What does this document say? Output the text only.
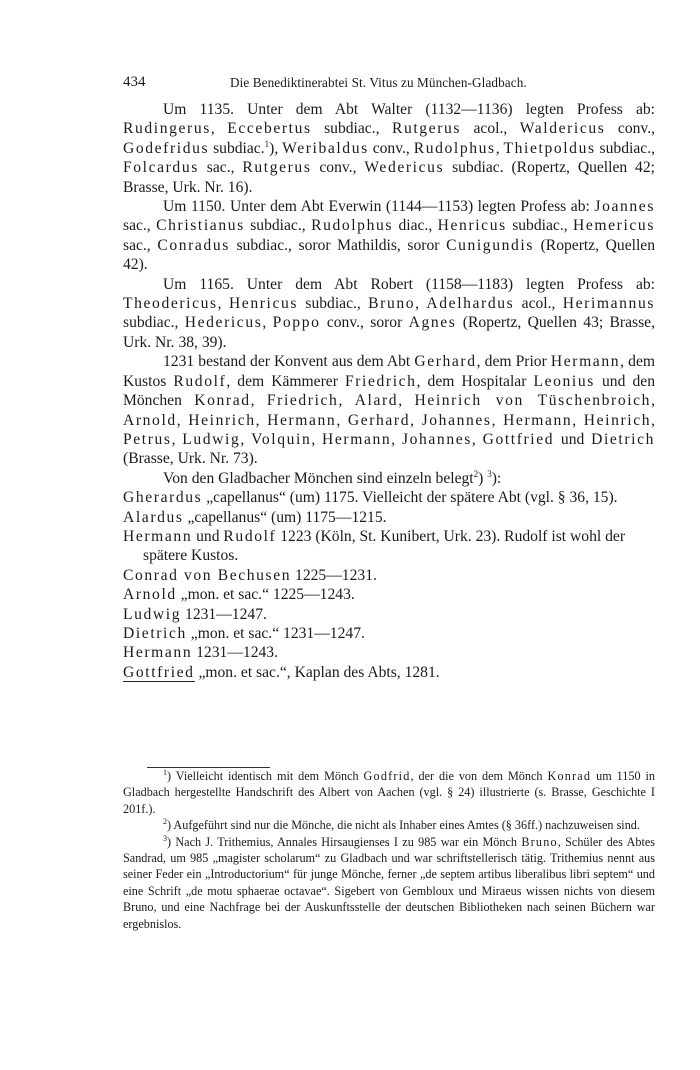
434	Die Benediktinerabtei St. Vitus zu München-Gladbach.

Um 1135. Unter dem Abt Walter (1132—1136) legten Profess ab: Rudingerus, Eccebertus subdiac., Rutgerus acol., Waldericus conv., Godefridus subdiac.$^1$), Weribaldus conv., Rudolphus, Thietpoldus subdiac., Folcardus sac., Rutgerus conv., Wedericus subdiac. (Ropertz, Quellen 42; Brasse, Urk. Nr. 16).

Um 1150. Unter dem Abt Everwin (1144—1153) legten Profess ab: Joannes sac., Christianus subdiac., Rudolphus diac., Henricus subdiac., Hemericus sac., Conradus subdiac., soror Mathildis, soror Cunigundis (Ropertz, Quellen 42).

Um 1165. Unter dem Abt Robert (1158—1183) legten Profess ab: Theodericus, Henricus subdiac., Bruno, Adelhardus acol., Herimannus subdiac., Hedericus, Poppo conv., soror Agnes (Ropertz, Quellen 43; Brasse, Urk. Nr. 38, 39).

1231 bestand der Konvent aus dem Abt Gerhard, dem Prior Hermann, dem Kustos Rudolf, dem Kämmerer Friedrich, dem Hospitalar Leonius und den Mönchen Konrad, Friedrich, Alard, Heinrich von Tüschenbroich, Arnold, Heinrich, Hermann, Gerhard, Johannes, Hermann, Heinrich, Petrus, Ludwig, Volquin, Hermann, Johannes, Gottfried und Dietrich (Brasse, Urk. Nr. 73).

Von den Gladbacher Mönchen sind einzeln belegt$^2$) $^3$):

Gherardus „capellanus“ (um) 1175. Vielleicht der spätere Abt (vgl. § 36, 15).

Alardus „capellanus“ (um) 1175—1215.

Hermann und Rudolf 1223 (Köln, St. Kunibert, Urk. 23). Rudolf ist wohl der spätere Kustos.

Conrad von Bechusen 1225—1231.

Arnold „mon. et sac.“ 1225—1243.

Ludwig 1231—1247.

Dietrich „mon. et sac.“ 1231—1247.

Hermann 1231—1243.

Gottfried „mon. et sac.“, Kaplan des Abts, 1281.

$^1$) Vielleicht identisch mit dem Mönch Godfrid, der die von dem Mönch Konrad um 1150 in Gladbach hergestellte Handschrift des Albert von Aachen (vgl. § 24) illustrierte (s. Brasse, Geschichte I 201f.).

$^2$) Aufgeführt sind nur die Mönche, die nicht als Inhaber eines Amtes (§ 36ff.) nachzuweisen sind.

$^3$) Nach J. Trithemius, Annales Hirsaugienses I zu 985 war ein Mönch Bruno, Schüler des Abtes Sandrad, um 985 „magister scholarum“ zu Gladbach und war schriftstellerisch tätig. Trithemius nennt aus seiner Feder ein „Introductorium“ für junge Mönche, ferner „de septem artibus liberalibus libri septem“ und eine Schrift „de motu sphaerae octavae“. Sigebert von Gembloux und Miraeus wissen nichts von diesem Bruno, und eine Nachfrage bei der Auskunftsstelle der deutschen Bibliotheken nach seinen Büchern war ergebnislos.
